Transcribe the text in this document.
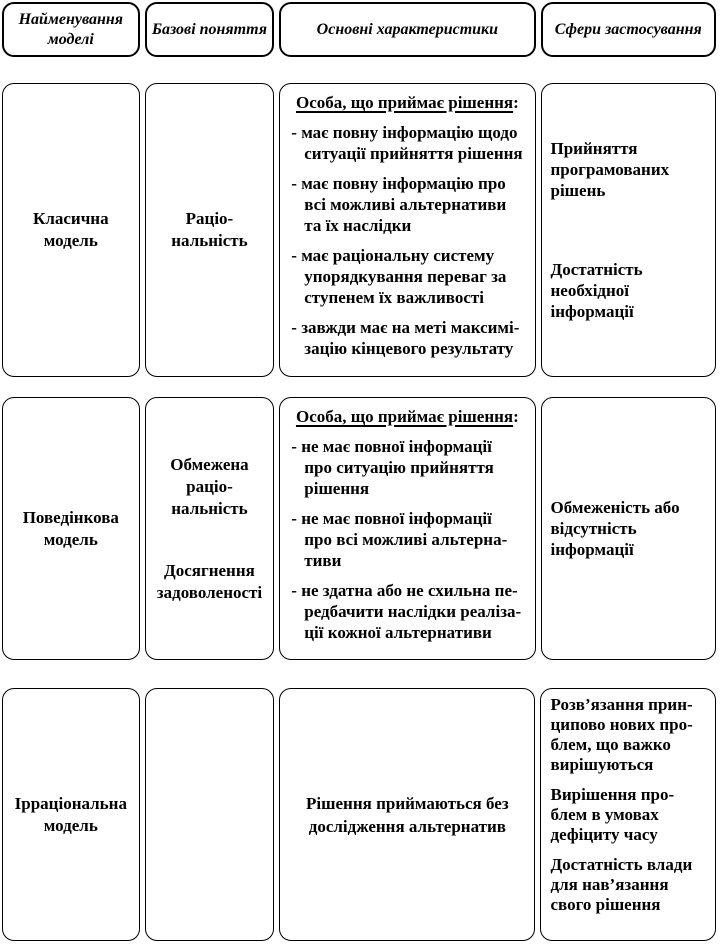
Найменування моделі
Базові поняття	Основні характеристики	Сфери застосування
Класична модель
Раціо-нальність
Особа, що приймає рішення:
- має повну інформацію щодо ситуації прийняття рішення
- має повну інформацію про всі можливі альтернативи та їх наслідки
- має раціональну систему упорядкування переваг за ступенем їх важливості
- завжди має на меті максимі-зацію кінцевого результату
Прийняття програмованих рішень
Достатність необхідної інформації
Поведінкова модель
Обмежена раціо-нальність
Досягнення задоволеності
Особа, що приймає рішення:
- не має повної інформації про ситуацію прийняття рішення
- не має повної інформації про всі можливі альтерна-тиви
- не здатна або не схильна пе-редбачити наслідки реаліза-ції кожної альтернативи
Обмеженість або відсутність інформації
Ірраціональна модель
Рішення приймаються без дослідження альтернатив
Розв’язання прин-ципово нових про-блем, що важко вирішуються
Вирішення про-блем в умовах дефіциту часу
Достатність влади для нав’язання свого рішення
